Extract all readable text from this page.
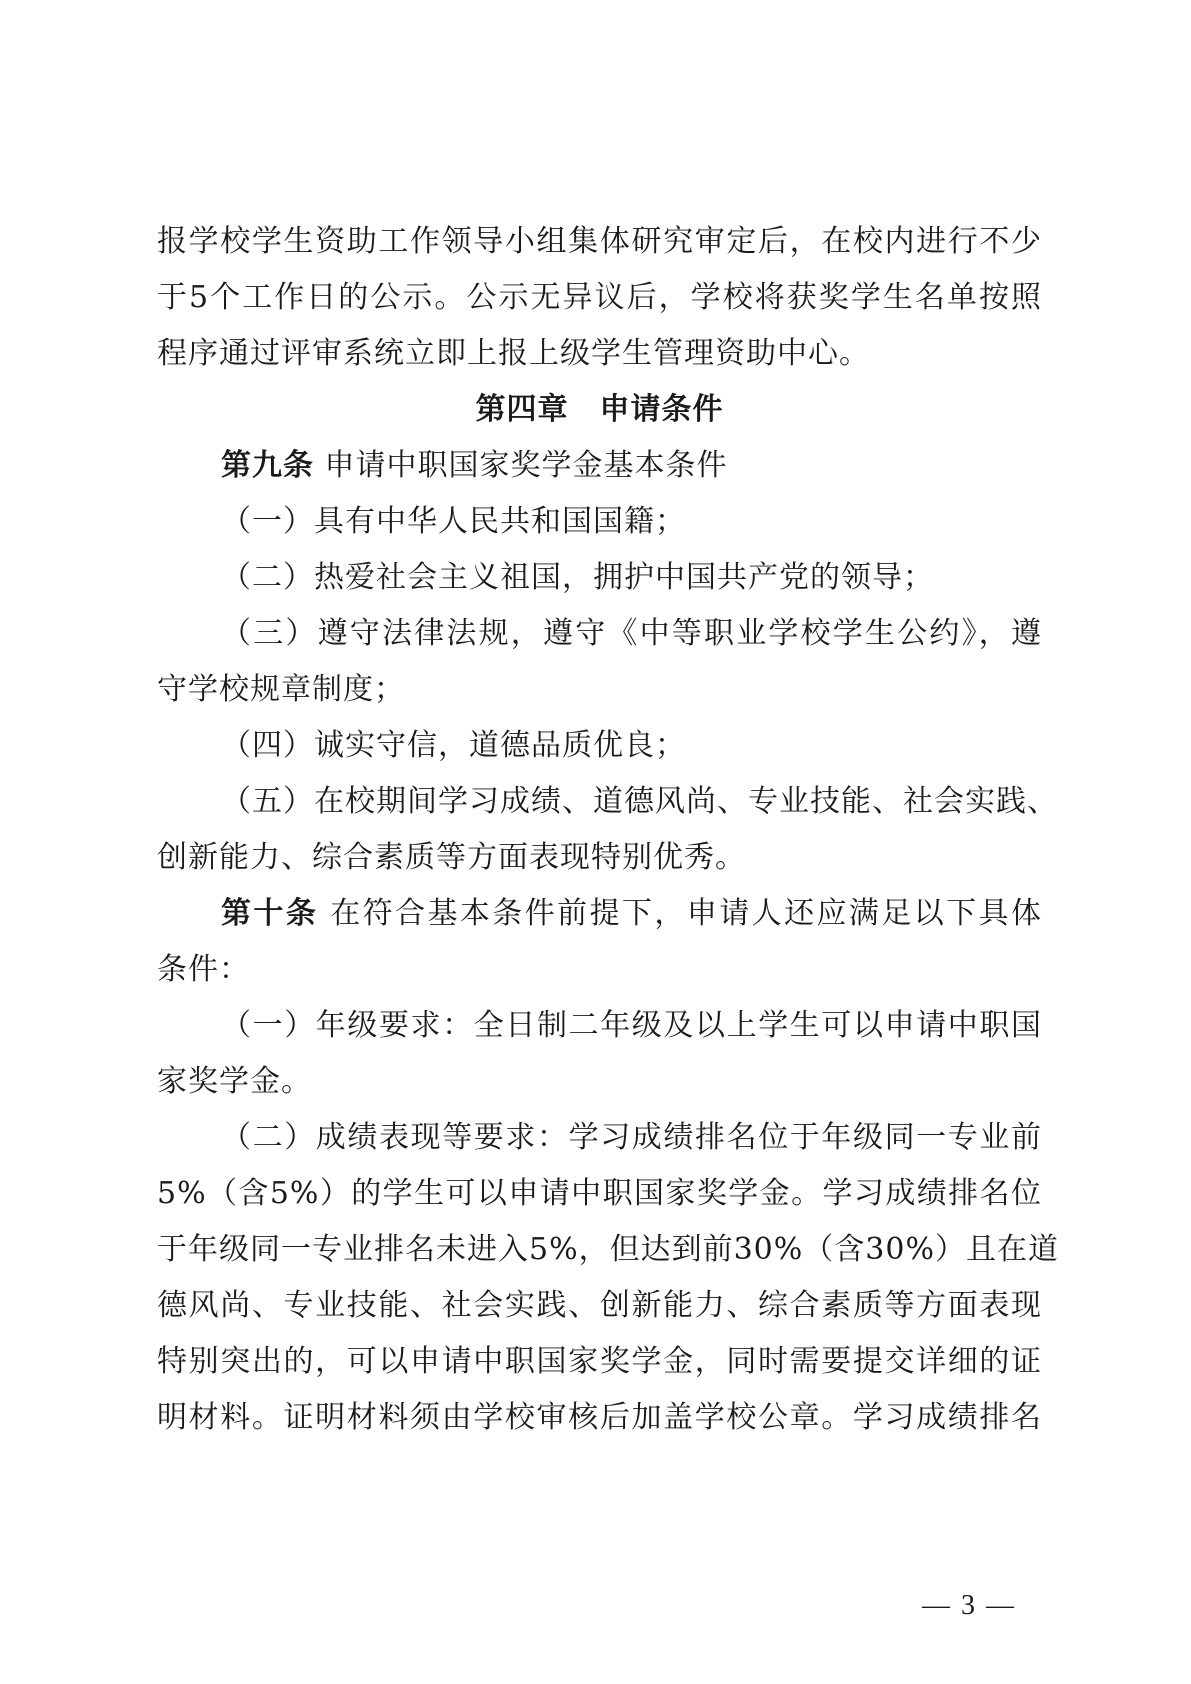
报学校学生资助工作领导小组集体研究审定后，在校内进行不少
于5个工作日的公示。公示无异议后，学校将获奖学生名单按照
程序通过评审系统立即上报上级学生管理资助中心。
第四章　申请条件
第九条 申请中职国家奖学金基本条件
（一）具有中华人民共和国国籍；
（二）热爱社会主义祖国，拥护中国共产党的领导；
（三）遵守法律法规，遵守《中等职业学校学生公约》，遵
守学校规章制度；
（四）诚实守信，道德品质优良；
（五）在校期间学习成绩、道德风尚、专业技能、社会实践、
创新能力、综合素质等方面表现特别优秀。
第十条 在符合基本条件前提下，申请人还应满足以下具体
条件：
（一）年级要求：全日制二年级及以上学生可以申请中职国
家奖学金。
（二）成绩表现等要求：学习成绩排名位于年级同一专业前
5%（含5%）的学生可以申请中职国家奖学金。学习成绩排名位
于年级同一专业排名未进入5%，但达到前30%（含30%）且在道
德风尚、专业技能、社会实践、创新能力、综合素质等方面表现
特别突出的，可以申请中职国家奖学金，同时需要提交详细的证
明材料。证明材料须由学校审核后加盖学校公章。学习成绩排名
— 3 —
